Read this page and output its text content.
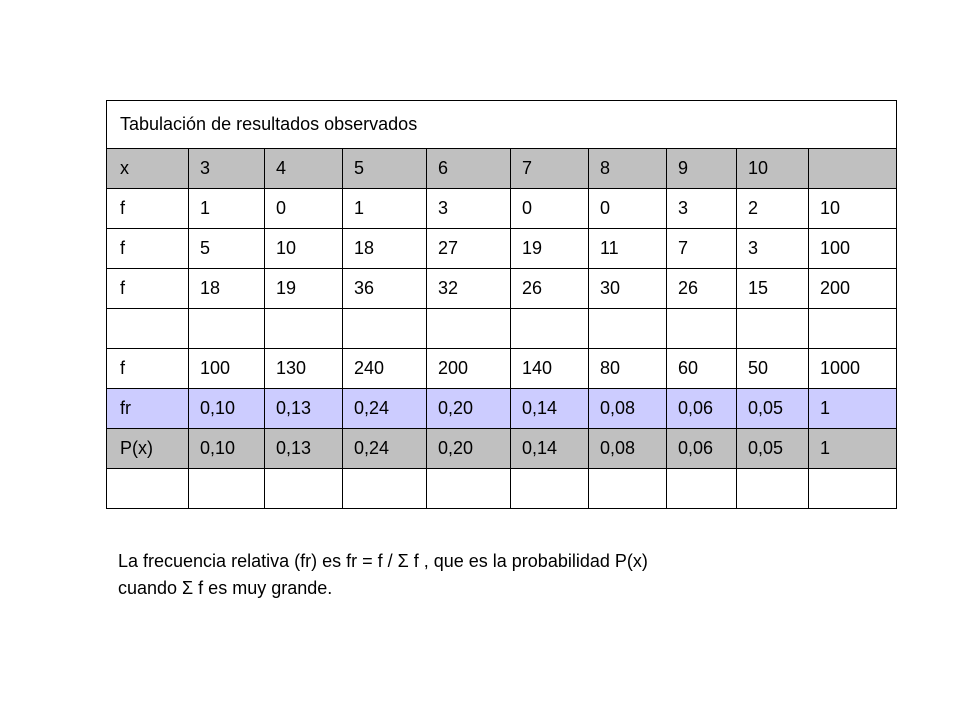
Tabulación de resultados observados									
x	3	4	5	6	7	8	9	10	
f	1	0	1	3	0	0	3	2	10
f	5	10	18	27	19	11	7	3	100
f	18	19	36	32	26	30	26	15	200

f	100	130	240	200	140	80	60	50	1000
fr	0,10	0,13	0,24	0,20	0,14	0,08	0,06	0,05	1
P(x)	0,10	0,13	0,24	0,20	0,14	0,08	0,06	0,05	1

La frecuencia relativa (fr) es fr = f / Σ f , que es la probabilidad P(x)

cuando Σ f es muy grande.
